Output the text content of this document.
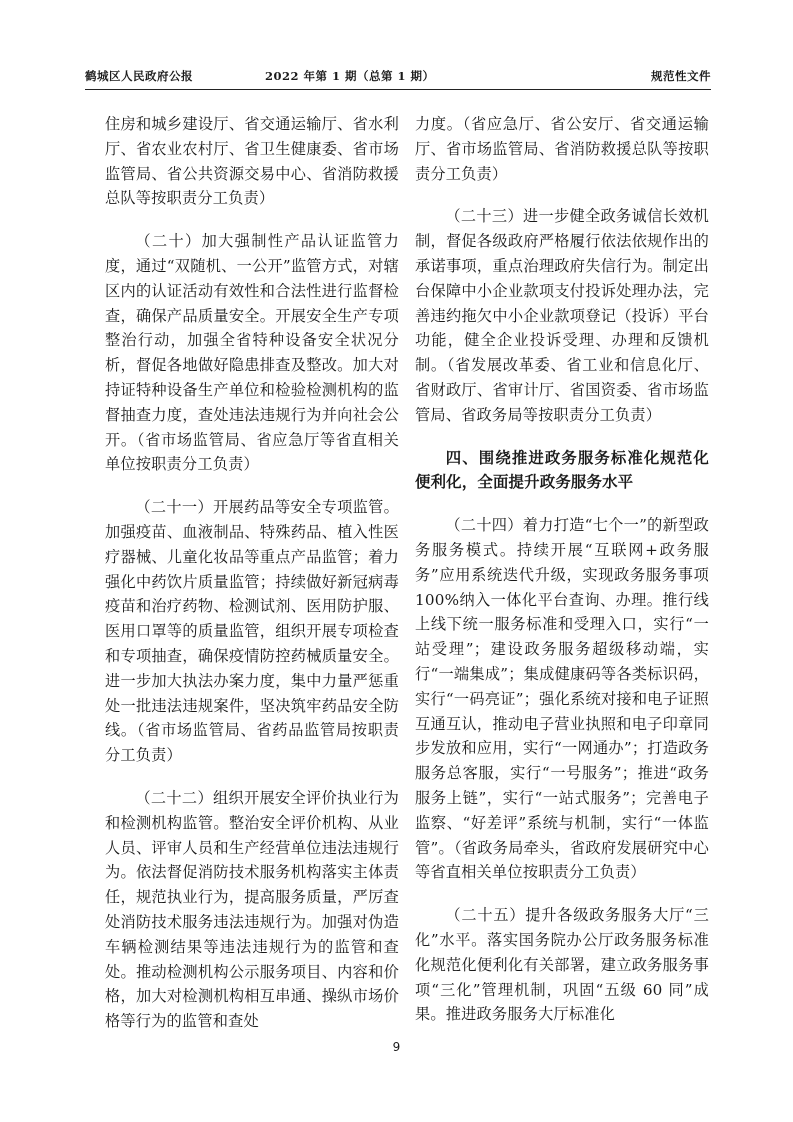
鹤城区人民政府公报	2022 年第 1 期（总第 1 期）	规范性文件

住房和城乡建设厅、省交通运输厅、省水利厅、省农业农村厅、省卫生健康委、省市场监管局、省公共资源交易中心、省消防救援总队等按职责分工负责）

（二十）加大强制性产品认证监管力度，通过“双随机、一公开”监管方式，对辖区内的认证活动有效性和合法性进行监督检查，确保产品质量安全。开展安全生产专项整治行动，加强全省特种设备安全状况分析，督促各地做好隐患排查及整改。加大对持证特种设备生产单位和检验检测机构的监督抽查力度，查处违法违规行为并向社会公开。（省市场监管局、省应急厅等省直相关单位按职责分工负责）

（二十一）开展药品等安全专项监管。加强疫苗、血液制品、特殊药品、植入性医疗器械、儿童化妆品等重点产品监管；着力强化中药饮片质量监管；持续做好新冠病毒疫苗和治疗药物、检测试剂、医用防护服、医用口罩等的质量监管，组织开展专项检查和专项抽查，确保疫情防控药械质量安全。进一步加大执法办案力度，集中力量严惩重处一批违法违规案件，坚决筑牢药品安全防线。（省市场监管局、省药品监管局按职责分工负责）

（二十二）组织开展安全评价执业行为和检测机构监管。整治安全评价机构、从业人员、评审人员和生产经营单位违法违规行为。依法督促消防技术服务机构落实主体责任，规范执业行为，提高服务质量，严厉查处消防技术服务违法违规行为。加强对伪造车辆检测结果等违法违规行为的监管和查处。推动检测机构公示服务项目、内容和价格，加大对检测机构相互串通、操纵市场价格等行为的监管和查处

力度。（省应急厅、省公安厅、省交通运输厅、省市场监管局、省消防救援总队等按职责分工负责）

（二十三）进一步健全政务诚信长效机制，督促各级政府严格履行依法依规作出的承诺事项，重点治理政府失信行为。制定出台保障中小企业款项支付投诉处理办法，完善违约拖欠中小企业款项登记（投诉）平台功能，健全企业投诉受理、办理和反馈机制。（省发展改革委、省工业和信息化厅、省财政厅、省审计厅、省国资委、省市场监管局、省政务局等按职责分工负责）

四、围绕推进政务服务标准化规范化便利化，全面提升政务服务水平

（二十四）着力打造“七个一”的新型政务服务模式。持续开展“互联网+政务服务”应用系统迭代升级，实现政务服务事项 100%纳入一体化平台查询、办理。推行线上线下统一服务标准和受理入口，实行“一站受理”；建设政务服务超级移动端，实行“一端集成”；集成健康码等各类标识码，实行“一码亮证”；强化系统对接和电子证照互通互认，推动电子营业执照和电子印章同步发放和应用，实行“一网通办”；打造政务服务总客服，实行“一号服务”；推进“政务服务上链”，实行“一站式服务”；完善电子监察、“好差评”系统与机制，实行“一体监管”。（省政务局牵头，省政府发展研究中心等省直相关单位按职责分工负责）

（二十五）提升各级政务服务大厅“三化”水平。落实国务院办公厅政务服务标准化规范化便利化有关部署，建立政务服务事项“三化”管理机制，巩固“五级 60 同”成果。推进政务服务大厅标准化

9
